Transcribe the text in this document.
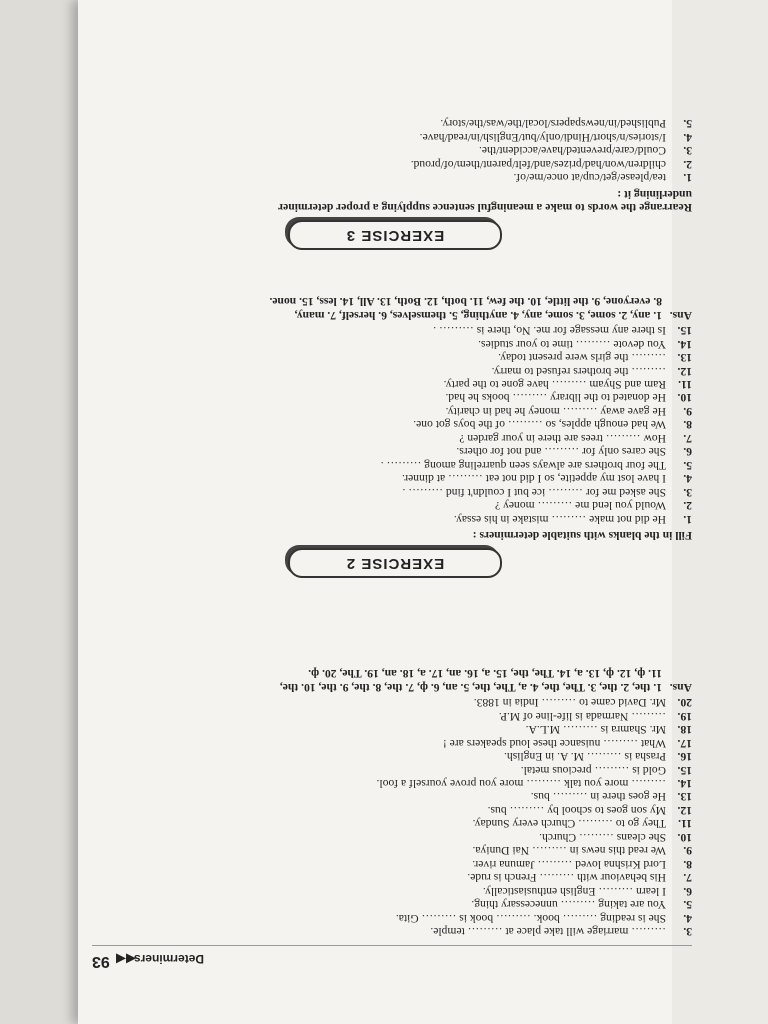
Determiners
◀◀
93
3.
……… marriage will take place at ……… temple.
4.
She is reading ……… book. ……… book is ……… Gita.
5.
You are taking ……… unnecessary thing.
6.
I learn ……… English enthusiastically.
7.
His behaviour with ……… French is rude.
8.
Lord Krishna loved ……… Jamuna river.
9.
We read this news in ……… Nai Duniya.
10.
She cleans ……… Church.
11.
They go to ……… Church every Sunday.
12.
My son goes to school by ……… bus.
13.
He goes there in ……… bus.
14.
……… more you talk ……… more you prove yourself a fool.
15.
Gold is ……… precious metal.
16.
Prasha is ……… M. A. in English.
17.
What ……… nuisance these loud speakers are !
18.
Mr. Shamra is ……… M.L.A.
19.
……… Narmada is life-line of M.P.
20.
Mr. David came to ……… India in 1883.
Ans.
1. the, 2. the, 3. The, the, 4. a, The, the, 5. an, 6. ф, 7. the, 8. the, 9. the, 10. the,
11. ф, 12. ф, 13. a, 14. The, the, 15. a, 16. an, 17. a, 18. an, 19. The, 20. ф.
EXERCISE 2
Fill in the blanks with suitable determiners :
1.
He did not make ……… mistake in his essay.
2.
Would you lend me ……… money ?
3.
She asked me for ……… ice but I couldn't find ……… .
4.
I have lost my appetite, so I did not eat ……… at dinner.
5.
The four brothers are always seen quarreling among ……… .
6.
She cares only for ……… and not for others.
7.
How ……… trees are there in your garden ?
8.
We had enough apples, so ……… of the boys got one.
9.
He gave away ……… money he had in charity.
10.
He donated to the library ……… books he had.
11.
Ram and Shyam ……… have gone to the party.
12.
……… the brothers refused to marry.
13.
……… the girls were present today.
14.
You devote ……… time to your studies.
15.
Is there any message for me. No, there is ……… .
Ans.
1. any, 2. some, 3. some, any, 4. anything, 5. themselves, 6. herself, 7. many,
8. everyone, 9. the little, 10. the few, 11. both, 12. Both, 13. All, 14. less, 15. none.
EXERCISE 3
Rearrange the words to make a meaningful sentence supplying a proper determiner
underlining it :
1.
tea/please/get/cup/at once/me/of.
2.
children/won/had/prizes/and/felt/parent/them/of/proud.
3.
Could/care/prevented/have/accident/the.
4.
I/stories/n/short/Hindi/only/but/English/in/read/have.
5.
Published/in/newspapers/local/the/was/the/story.
